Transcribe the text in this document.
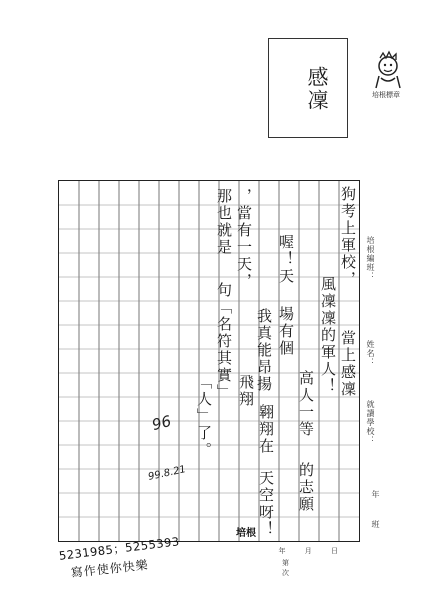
感凜	培根標章
狗考上軍校，
當上感凜
風凜凜的軍人！
高人一等
的志願
喔！天
場有個
天空呀！
翱翔在
飛翔
，當有一天，
我真能昂揚
那也就是
句「名符其實」
「人」了。
培根編班：
姓名：
就讀學校：
年
班
96
99.8.21
培根
年	月	日
第次
5231985；5255393
寫作使你快樂
